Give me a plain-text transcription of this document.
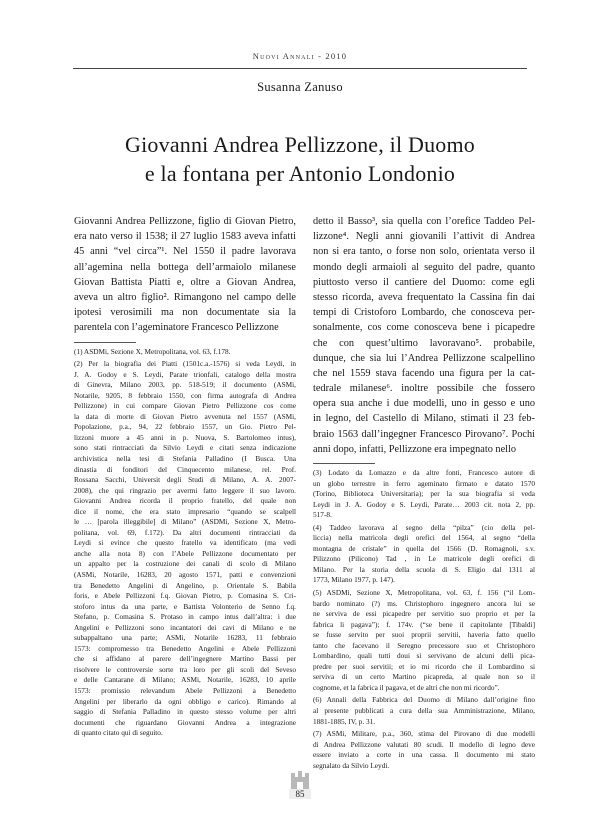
Nuovi Annali - 2010
Susanna Zanuso
Giovanni Andrea Pellizzone, il Duomo
e la fontana per Antonio Londonio
Giovanni Andrea Pellizzone, figlio di Giovan Pietro,
era nato verso il 1538; il 27 luglio 1583 aveva infatti
45 anni “vel circa”¹. Nel 1550 il padre lavorava
all’agemina nella bottega dell’armaiolo milanese
Giovan Battista Piatti e, oltre a Giovan Andrea,
aveva un altro figlio². Rimangono nel campo delle
ipotesi verosimili ma non documentate sia la
parentela con l’ageminatore Francesco Pellizzone
(1) ASDMi, Sezione X, Metropolitana, vol. 63, f.178.
(2) Per la biografia dei Piatti (1501c.a.-1576) si veda Leydi, in
J. A. Godoy e S. Leydi, Parate trionfali, catalogo della mostra
di Ginevra, Milano 2003, pp. 518-519; il documento (ASMi,
Notarile, 9205, 8 febbraio 1550, con firma autografa di Andrea
Pellizzone) in cui compare Giovan Pietro Pellizzone cos come
la data di morte di Giovan Pietro avvenuta nel 1557 (ASMi,
Popolazione, p.a., 94, 22 febbraio 1557, un Gio. Pietro Pel-
lizzoni muore a 45 anni in p. Nuova, S. Bartolomeo intus),
sono stati rintracciati da Silvio Leydi e citati senza indicazione
archivistica nella tesi di Stefania Palladino (I Busca. Una
dinastia di fonditori del Cinquecento milanese, rel. Prof.
Rossana Sacchi, Universit degli Studi di Milano, A. A. 2007-
2008), che qui ringrazio per avermi fatto leggere il suo lavoro.
Giovanni Andrea ricorda il proprio fratello, del quale non
dice il nome, che era stato impresario “quando se scalpell
le … [parola illeggibile] di Milano” (ASDMi, Sezione X, Metro-
politana, vol. 69, f.172). Da altri documenti rintracciati da
Leydi si evince che questo fratello va identificato (ma vedi
anche alla nota 8) con l’Abele Pellizzone documentato per
un appalto per la costruzione dei canali di scolo di Milano
(ASMi, Notarile, 16283, 20 agosto 1571, patti e convenzioni
tra Benedetto Angelini di Angelino, p. Orientale S. Babila
foris, e Abele Pellizzoni f.q. Giovan Pietro, p. Comasina S. Cri-
stoforo intus da una parte, e Battista Volonterio de Senno f.q.
Stefano, p. Comasina S. Protaso in campo intus dall’altra: i due
Angelini e Pellizzoni sono incantatori dei cavi di Milano e ne
subappaltano una parte; ASMi, Notarile 16283, 11 febbraio
1573: compromesso tra Benedetto Angelini e Abele Pellizzoni
che si affidano al parere dell’ingegnere Martino Bassi per
risolvere le controversie sorte tra loro per gli scoli del Seveso
e delle Cantarane di Milano; ASMi, Notarile, 16283, 10 aprile
1573: promissio relevandum Abele Pellizzoni a Benedetto
Angelini per liberarlo da ogni obbligo e carico). Rimando al
saggio di Stefania Palladino in questo stesso volume per altri
documenti che riguardano Giovanni Andrea a integrazione
di quanto citato qui di seguito.
detto il Basso³, sia quella con l’orefice Taddeo Pel-
lizzone⁴. Negli anni giovanili l’attivit di Andrea
non si era tanto, o forse non solo, orientata verso il
mondo degli armaioli al seguito del padre, quanto
piuttosto verso il cantiere del Duomo: come egli
stesso ricorda, aveva frequentato la Cassina fin dai
tempi di Cristoforo Lombardo, che conosceva per-
sonalmente, cos come conosceva bene i picapedre
che con quest’ultimo lavoravano⁵. probabile,
dunque, che sia lui l’Andrea Pellizzone scalpellino
che nel 1559 stava facendo una figura per la cat-
tedrale milanese⁶. inoltre possibile che fossero
opera sua anche i due modelli, uno in gesso e uno
in legno, del Castello di Milano, stimati il 23 feb-
braio 1563 dall’ingegner Francesco Pirovano⁷. Pochi
anni dopo, infatti, Pellizzone era impegnato nello
(3) Lodato da Lomazzo e da altre fonti, Francesco autore di
un globo terrestre in ferro ageminato firmato e datato 1570
(Torino, Biblioteca Universitaria); per la sua biografia si veda
Leydi in J. A. Godoy e S. Leydi, Parate… 2003 cit. nota 2, pp.
517-8.
(4) Taddeo lavorava al segno della “pilza” (cio della pel-
liccia) nella matricola degli orefici del 1564, al segno “della
montagna de cristale” in quella del 1566 (D. Romagnoli, s.v.
Pilizzono (Pilicono) Tad , in Le matricole degli orefici di
Milano. Per la storia della scuola di S. Eligio dal 1311 al
1773, Milano 1977, p. 147).
(5) ASDMi, Sezione X, Metropolitana, vol. 63, f. 156 (“il Lom-
bardo nominato (?) ms. Christophoro ingegnero ancora lui se
ne serviva de essi picapedre per servitio suo proprio et per la
fabrica li pagava”); f. 174v. (“se bene il capitolante [Tibaldi]
se fusse servito per suoi proprii servitii, haveria fatto quello
tanto che facevano il Seregno precessore suo et Christophoro
Lombardino, quali tutti doui si servivano de alcuni delli pica-
predre per suoi servitii; et io mi ricordo che il Lombardino si
serviva di un certo Martino picapreda, al quale non so il
cognome, et la fabrica il pagava, et de altri che non mi ricordo”.
(6) Annali della Fabbrica del Duomo di Milano dall’origine fino
al presente pubblicati a cura della sua Amministrazione, Milano,
1881-1885, IV, p. 31.
(7) ASMi, Militare, p.a., 360, stima del Pirovano di due modelli
di Andrea Pellizzone valutati 80 scudi. Il modello di legno deve
essere inviato a corte in una cassa. Il documento mi stato
segnalato da Silvio Leydi.
85
